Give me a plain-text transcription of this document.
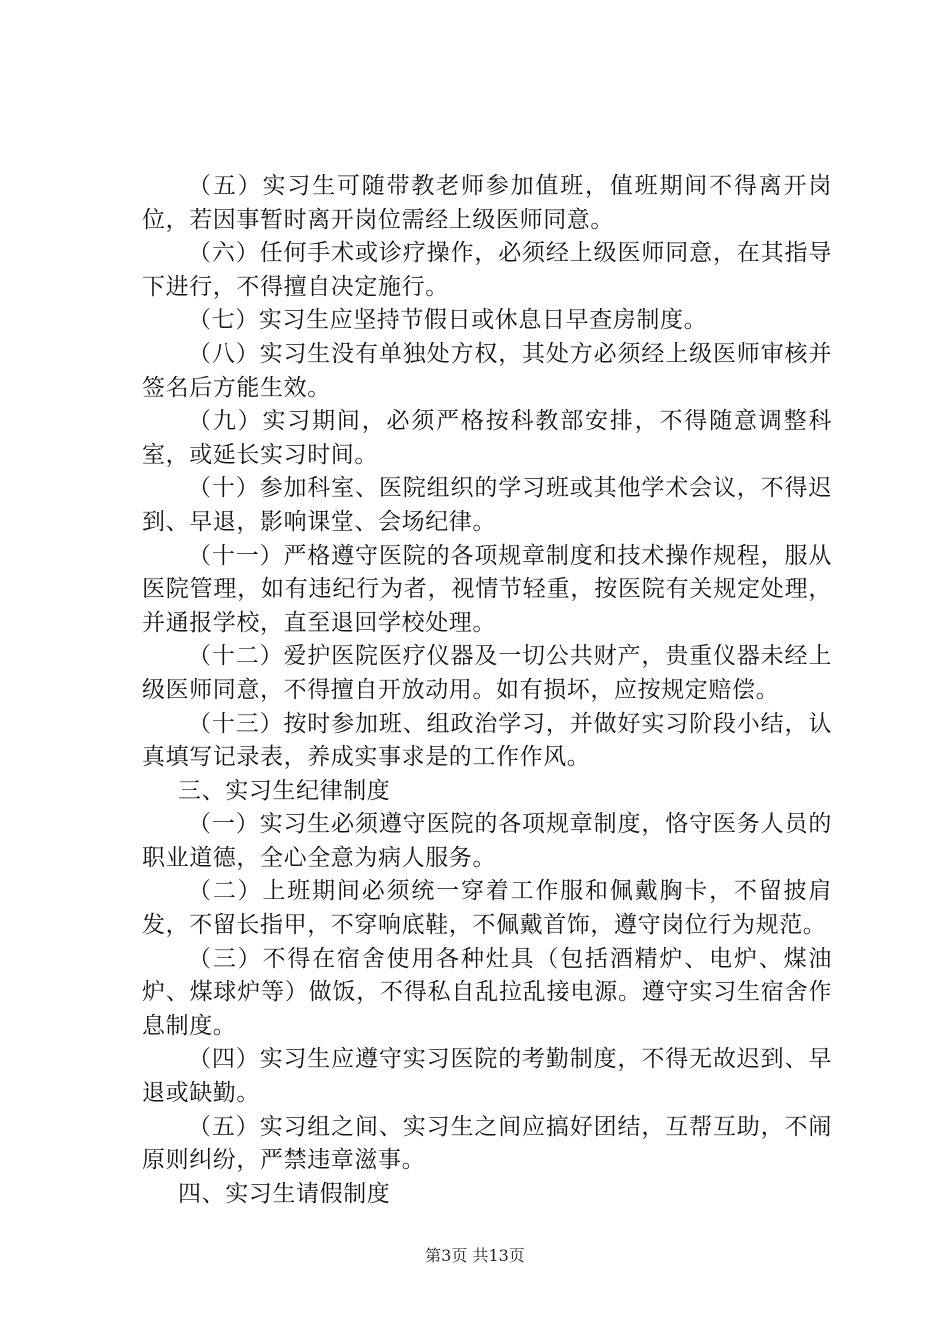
（五）实习生可随带教老师参加值班，值班期间不得离开岗位，若因事暂时离开岗位需经上级医师同意。

（六）任何手术或诊疗操作，必须经上级医师同意，在其指导下进行，不得擅自决定施行。

（七）实习生应坚持节假日或休息日早查房制度。

（八）实习生没有单独处方权，其处方必须经上级医师审核并签名后方能生效。

（九）实习期间，必须严格按科教部安排，不得随意调整科室，或延长实习时间。

（十）参加科室、医院组织的学习班或其他学术会议，不得迟到、早退，影响课堂、会场纪律。

（十一）严格遵守医院的各项规章制度和技术操作规程，服从医院管理，如有违纪行为者，视情节轻重，按医院有关规定处理，并通报学校，直至退回学校处理。

（十二）爱护医院医疗仪器及一切公共财产，贵重仪器未经上级医师同意，不得擅自开放动用。如有损坏，应按规定赔偿。

（十三）按时参加班、组政治学习，并做好实习阶段小结，认真填写记录表，养成实事求是的工作作风。

三、实习生纪律制度

（一）实习生必须遵守医院的各项规章制度，恪守医务人员的职业道德，全心全意为病人服务。

（二）上班期间必须统一穿着工作服和佩戴胸卡，不留披肩发，不留长指甲，不穿响底鞋，不佩戴首饰，遵守岗位行为规范。

（三）不得在宿舍使用各种灶具（包括酒精炉、电炉、煤油炉、煤球炉等）做饭，不得私自乱拉乱接电源。遵守实习生宿舍作息制度。

（四）实习生应遵守实习医院的考勤制度，不得无故迟到、早退或缺勤。

（五）实习组之间、实习生之间应搞好团结，互帮互助，不闹原则纠纷，严禁违章滋事。

四、实习生请假制度

第3页 共13页
